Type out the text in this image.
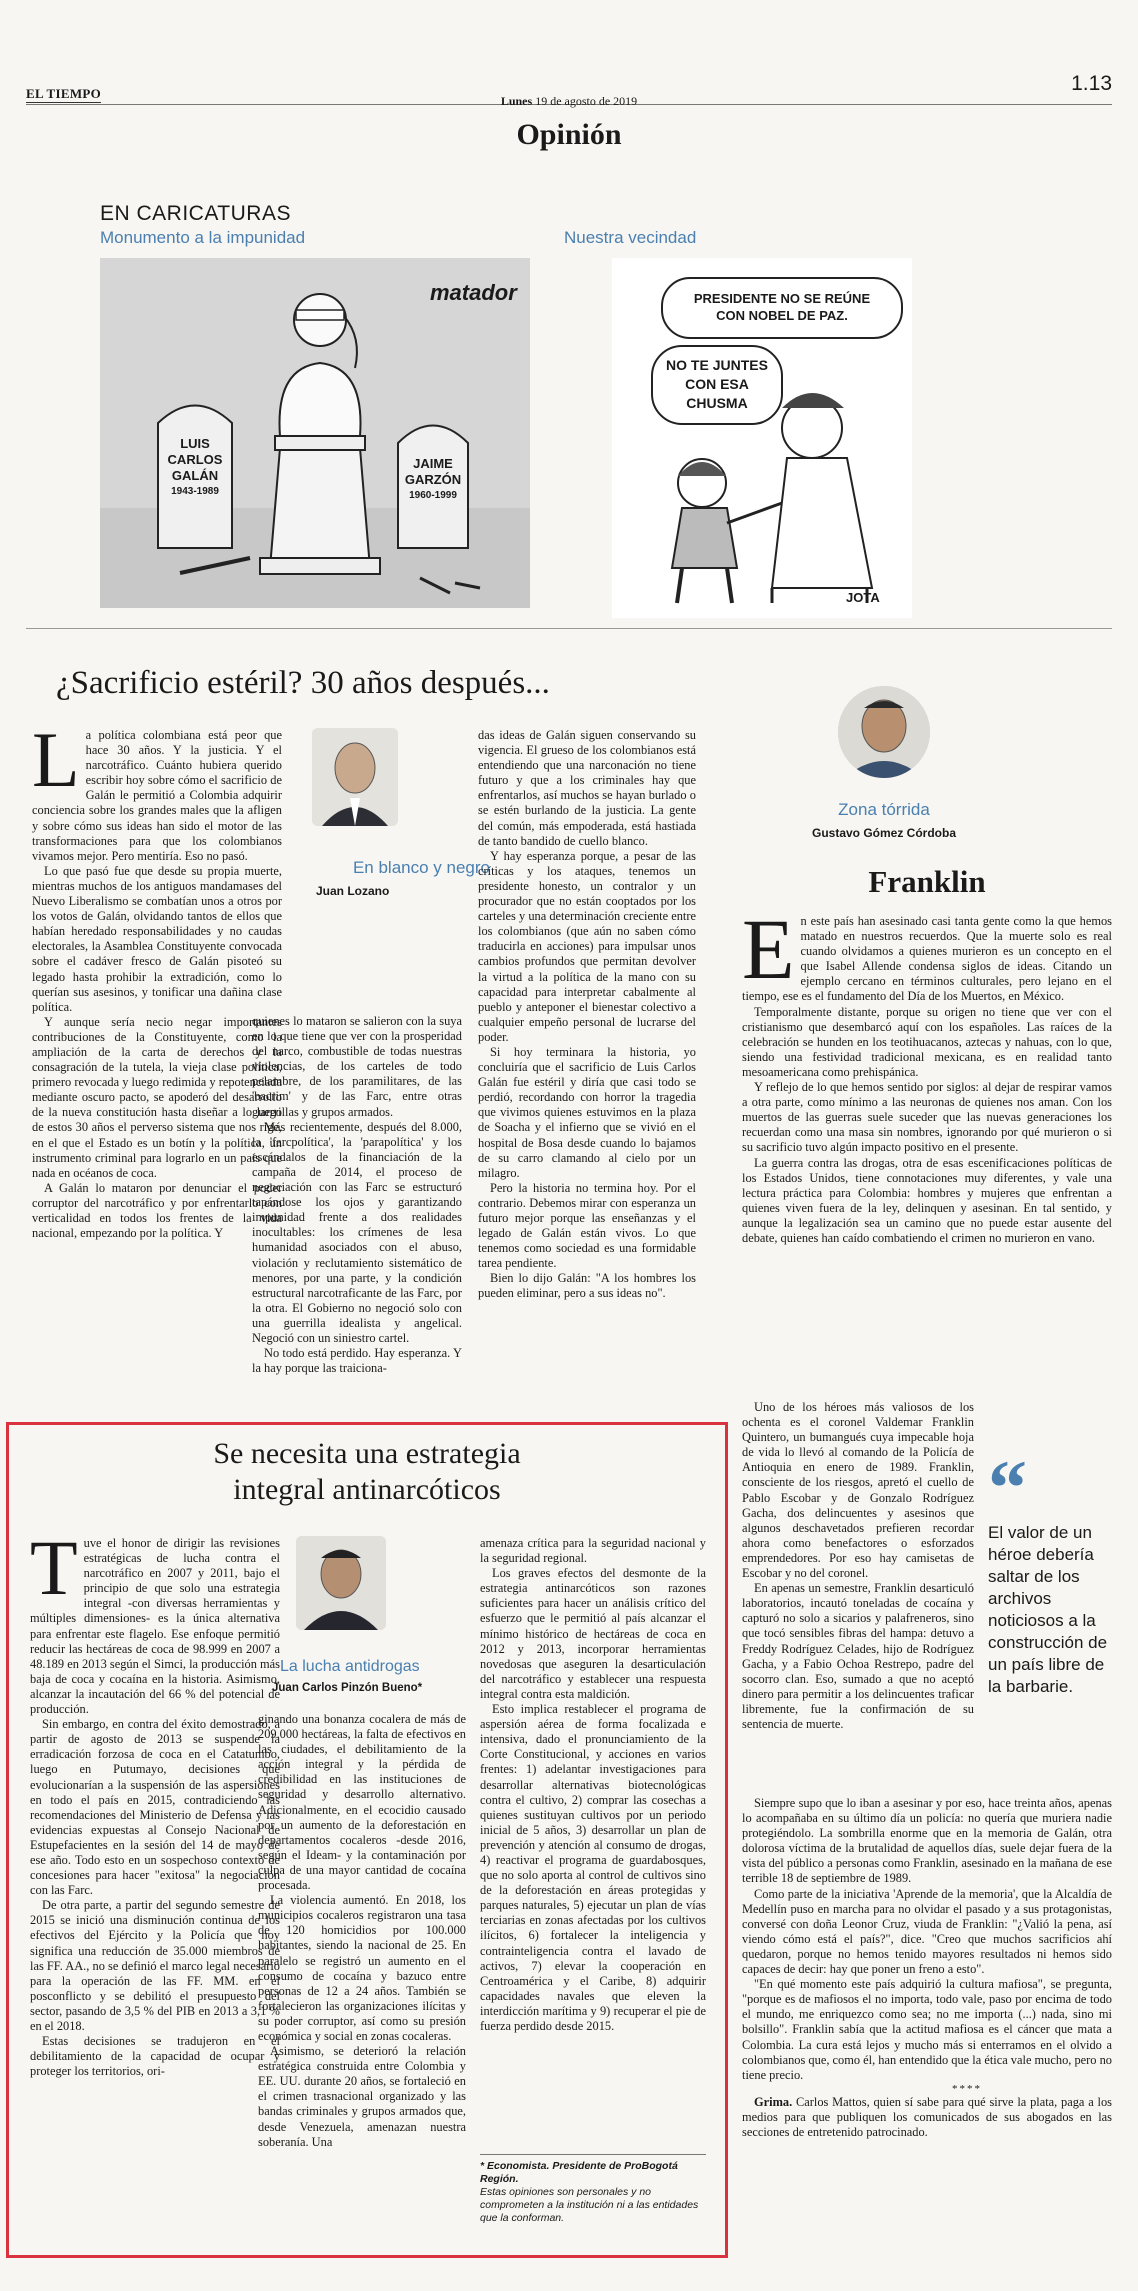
EL TIEMPO	Lunes 19 de agosto de 2019
1.13
Opinión
EN CARICATURAS
Monumento a la impunidad	Nuestra vecindad
matador
LUIS
CARLOS
GALÁN
1943-1989
JAIME
GARZÓN
1960-1999
PRESIDENTE NO SE REÚNE
CON NOBEL DE PAZ.
NO TE JUNTES
CON ESA
CHUSMA
JOTA
¿Sacrificio estéril? 30 años después...
En blanco y negro
Juan Lozano
L a política colombiana está peor que hace 30 años. Y la justicia. Y el narcotráfico. Cuánto hubiera querido escribir hoy sobre cómo el sacrificio de Galán le permitió a Colombia adquirir conciencia sobre los grandes males que la afligen y sobre cómo sus ideas han sido el motor de las transformaciones para que los colombianos vivamos mejor. Pero mentiría. Eso no pasó.

Lo que pasó fue que desde su propia muerte, mientras muchos de los antiguos mandamases del Nuevo Liberalismo se combatían unos a otros por los votos de Galán, olvidando tantos de ellos que habían heredado responsabilidades y no caudas electorales, la Asamblea Constituyente convocada sobre el cadáver fresco de Galán pisoteó su legado hasta prohibir la extradición, como lo querían sus asesinos, y tonificar una dañina clase política.

Y aunque sería necio negar importantes contribuciones de la Constituyente, como la ampliación de la carta de derechos y la consagración de la tutela, la vieja clase política, primero revocada y luego redimida y repotenciada mediante oscuro pacto, se apoderó del desarrollo de la nueva constitución hasta diseñar a lo largo de estos 30 años el perverso sistema que nos rige, en el que el Estado es un botín y la política, un instrumento criminal para lograrlo en un país que nada en océanos de coca.

A Galán lo mataron por denunciar el poder corruptor del narcotráfico y por enfrentarlo con verticalidad en todos los frentes de la vida nacional, empezando por la política. Y

quienes lo mataron se salieron con la suya en lo que tiene que ver con la prosperidad del narco, combustible de todas nuestras violencias, de los carteles de todo pelambre, de los paramilitares, de las 'bacrim' y de las Farc, entre otras guerrillas y grupos armados.

Más recientemente, después del 8.000, la 'farcpolítica', la 'parapolítica' y los escándalos de la financiación de la campaña de 2014, el proceso de negociación con las Farc se estructuró tapándose los ojos y garantizando impunidad frente a dos realidades inocultables: los crímenes de lesa humanidad asociados con el abuso, violación y reclutamiento sistemático de menores, por una parte, y la condición estructural narcotraficante de las Farc, por la otra. El Gobierno no negoció solo con una guerrilla idealista y angelical. Negoció con un siniestro cartel.

No todo está perdido. Hay esperanza. Y la hay porque las traiciona-

das ideas de Galán siguen conservando su vigencia. El grueso de los colombianos está entendiendo que una narconación no tiene futuro y que a los criminales hay que enfrentarlos, así muchos se hayan burlado o se estén burlando de la justicia. La gente del común, más empoderada, está hastiada de tanto bandido de cuello blanco.

Y hay esperanza porque, a pesar de las críticas y los ataques, tenemos un presidente honesto, un contralor y un procurador que no están cooptados por los carteles y una determinación creciente entre los colombianos (que aún no saben cómo traducirla en acciones) para impulsar unos cambios profundos que permitan devolver la virtud a la política de la mano con su capacidad para interpretar cabalmente al pueblo y anteponer el bienestar colectivo a cualquier empeño personal de lucrarse del poder.

Si hoy terminara la historia, yo concluiría que el sacrificio de Luis Carlos Galán fue estéril y diría que casi todo se perdió, recordando con horror la tragedia que vivimos quienes estuvimos en la plaza de Soacha y el infierno que se vivió en el hospital de Bosa desde cuando lo bajamos de su carro clamando al cielo por un milagro.

Pero la historia no termina hoy. Por el contrario. Debemos mirar con esperanza un futuro mejor porque las enseñanzas y el legado de Galán están vivos. Lo que tenemos como sociedad es una formidable tarea pendiente.

Bien lo dijo Galán: "A los hombres los pueden eliminar, pero a sus ideas no".

Se necesita una estrategia
integral antinarcóticos
La lucha antidrogas
Juan Carlos Pinzón Bueno*
T uve el honor de dirigir las revisiones estratégicas de lucha contra el narcotráfico en 2007 y 2011, bajo el principio de que solo una estrategia integral -con diversas herramientas y múltiples dimensiones- es la única alternativa para enfrentar este flagelo. Ese enfoque permitió reducir las hectáreas de coca de 98.999 en 2007 a 48.189 en 2013 según el Simci, la producción más baja de coca y cocaína en la historia. Asimismo, alcanzar la incautación del 66 % del potencial de producción.

Sin embargo, en contra del éxito demostrado, a partir de agosto de 2013 se suspende la erradicación forzosa de coca en el Catatumbo, luego en Putumayo, decisiones que evolucionarían a la suspensión de las aspersiones en todo el país en 2015, contradiciendo las recomendaciones del Ministerio de Defensa y las evidencias expuestas al Consejo Nacional de Estupefacientes en la sesión del 14 de mayo de ese año. Todo esto en un sospechoso contexto de concesiones para hacer "exitosa" la negociación con las Farc.

De otra parte, a partir del segundo semestre de 2015 se inició una disminución continua de los efectivos del Ejército y la Policía que hoy significa una reducción de 35.000 miembros de las FF. AA., no se definió el marco legal necesario para la operación de las FF. MM. en el posconflicto y se debilitó el presupuesto del sector, pasando de 3,5 % del PIB en 2013 a 3,1 % en el 2018.

Estas decisiones se tradujeron en el debilitamiento de la capacidad de ocupar y proteger los territorios, ori-

ginando una bonanza cocalera de más de 209.000 hectáreas, la falta de efectivos en las ciudades, el debilitamiento de la acción integral y la pérdida de credibilidad en las instituciones de seguridad y desarrollo alternativo. Adicionalmente, en el ecocidio causado por un aumento de la deforestación en departamentos cocaleros -desde 2016, según el Ideam- y la contaminación por culpa de una mayor cantidad de cocaína procesada.

La violencia aumentó. En 2018, los municipios cocaleros registraron una tasa de 120 homicidios por 100.000 habitantes, siendo la nacional de 25. En paralelo se registró un aumento en el consumo de cocaína y bazuco entre personas de 12 a 24 años. También se fortalecieron las organizaciones ilícitas y su poder corruptor, así como su presión económica y social en zonas cocaleras.

Asimismo, se deterioró la relación estratégica construida entre Colombia y EE. UU. durante 20 años, se fortaleció en el crimen trasnacional organizado y las bandas criminales y grupos armados que, desde Venezuela, amenazan nuestra soberanía. Una

amenaza crítica para la seguridad nacional y la seguridad regional.

Los graves efectos del desmonte de la estrategia antinarcóticos son razones suficientes para hacer un análisis crítico del esfuerzo que le permitió al país alcanzar el mínimo histórico de hectáreas de coca en 2012 y 2013, incorporar herramientas novedosas que aseguren la desarticulación del narcotráfico y establecer una respuesta integral contra esta maldición.

Esto implica restablecer el programa de aspersión aérea de forma focalizada e intensiva, dado el pronunciamiento de la Corte Constitucional, y acciones en varios frentes: 1) adelantar investigaciones para desarrollar alternativas biotecnológicas contra el cultivo, 2) comprar las cosechas a quienes sustituyan cultivos por un periodo inicial de 5 años, 3) desarrollar un plan de prevención y atención al consumo de drogas, 4) reactivar el programa de guardabosques, que no solo aporta al control de cultivos sino de la deforestación en áreas protegidas y parques naturales, 5) ejecutar un plan de vías terciarias en zonas afectadas por los cultivos ilícitos, 6) fortalecer la inteligencia y contrainteligencia contra el lavado de activos, 7) elevar la cooperación en Centroamérica y el Caribe, 8) adquirir capacidades navales que eleven la interdicción marítima y 9) recuperar el pie de fuerza perdido desde 2015.

* Economista. Presidente de ProBogotá Región.
Estas opiniones son personales y no comprometen a la institución ni a las entidades que la conforman.
Zona tórrida
Gustavo Gómez Córdoba
Franklin
E n este país han asesinado casi tanta gente como la que hemos matado en nuestros recuerdos. Que la muerte solo es real cuando olvidamos a quienes murieron es un concepto en el que Isabel Allende condensa siglos de ideas. Citando un ejemplo cercano en términos culturales, pero lejano en el tiempo, ese es el fundamento del Día de los Muertos, en México.

Temporalmente distante, porque su origen no tiene que ver con el cristianismo que desembarcó aquí con los españoles. Las raíces de la celebración se hunden en los teotihuacanos, aztecas y nahuas, con lo que, siendo una festividad tradicional mexicana, es en realidad tanto mesoamericana como prehispánica.

Y reflejo de lo que hemos sentido por siglos: al dejar de respirar vamos a otra parte, como mínimo a las neuronas de quienes nos aman. Con los muertos de las guerras suele suceder que las nuevas generaciones los recuerdan como una masa sin nombres, ignorando por qué murieron o si su sacrificio tuvo algún impacto positivo en el presente.

La guerra contra las drogas, otra de esas escenificaciones políticas de los Estados Unidos, tiene connotaciones muy diferentes, y vale una lectura práctica para Colombia: hombres y mujeres que enfrentan a quienes viven fuera de la ley, delinquen y asesinan. En tal sentido, y aunque la legalización sea un camino que no puede estar ausente del debate, quienes han caído combatiendo el crimen no murieron en vano.

Uno de los héroes más valiosos de los ochenta es el coronel Valdemar Franklin Quintero, un bumangués cuya impecable hoja de vida lo llevó al comando de la Policía de Antioquia en enero de 1989. Franklin, consciente de los riesgos, apretó el cuello de Pablo Escobar y de Gonzalo Rodríguez Gacha, dos delincuentes y asesinos que algunos deschavetados prefieren recordar ahora como benefactores o esforzados emprendedores. Por eso hay camisetas de Escobar y no del coronel.

En apenas un semestre, Franklin desarticuló laboratorios, incautó toneladas de cocaína y capturó no solo a sicarios y palafreneros, sino que tocó sensibles fibras del hampa: detuvo a Freddy Rodríguez Celades, hijo de Rodríguez Gacha, y a Fabio Ochoa Restrepo, padre del socorro clan. Eso, sumado a que no aceptó dinero para permitir a los delincuentes traficar libremente, fue la confirmación de su sentencia de muerte.

“
El valor de un héroe debería saltar de los archivos noticiosos a la construcción de un país libre de la barbarie.

Siempre supo que lo iban a asesinar y por eso, hace treinta años, apenas lo acompañaba en su último día un policía: no quería que muriera nadie protegiéndolo. La sombrilla enorme que en la memoria de Galán, otra dolorosa víctima de la brutalidad de aquellos días, suele dejar fuera de la vista del público a personas como Franklin, asesinado en la mañana de ese terrible 18 de septiembre de 1989.

Como parte de la iniciativa 'Aprende de la memoria', que la Alcaldía de Medellín puso en marcha para no olvidar el pasado y a sus protagonistas, conversé con doña Leonor Cruz, viuda de Franklin: "¿Valió la pena, así viendo cómo está el país?", dice. "Creo que muchos sacrificios ahí quedaron, porque no hemos tenido mayores resultados ni hemos sido capaces de decir: hay que poner un freno a esto".

"En qué momento este país adquirió la cultura mafiosa", se pregunta, "porque es de mafiosos el no importa, todo vale, paso por encima de todo el mundo, me enriquezco como sea; no me importa (...) nada, sino mi bolsillo". Franklin sabía que la actitud mafiosa es el cáncer que mata a Colombia. La cura está lejos y mucho más si enterramos en el olvido a colombianos que, como él, han entendido que la ética vale mucho, pero no tiene precio.

****

Grima. Carlos Mattos, quien sí sabe para qué sirve la plata, paga a los medios para que publiquen los comunicados de sus abogados en las secciones de entretenido patrocinado.
